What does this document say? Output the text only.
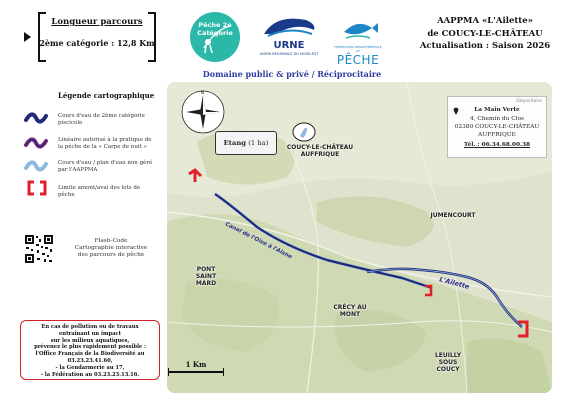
Longueur parcours
2ème catégorie : 12,8 Km
Pêche 2e Catégorie
URNE
UNION RÉGIONALE DU NORD-EST
FÉDÉRATION DÉPARTEMENTALE 02
PÊCHE
Domaine public & privé / Réciprocitaire
AAPPMA «L'Ailette»
de COUCY-LE-CHÂTEAU
Actualisation : Saison 2026
Légende cartographique
Cours d'eau de 2ème catégorie piscicole
Linéaire autorisé à la pratique de la pêche de la « Carpe de nuit »
Cours d'eau / plan d'eau non géré par l'AAPPMA
Limite amont/aval des lots de pêche
Flash-Code
Cartographie interactive
des parcours de pêche
En cas de pollution ou de travaux
entraînant un impact
sur les milieux aquatiques,
prévenez le plus rapidement possible :
l'Office Français de la Biodiversité au 03.23.23.41.60,
- la Gendarmerie au 17,
- la Fédération au 03.23.23.13.16.
N
Canal de l'Oise à l'Aisne
L'Ailette
Etang (1 ha)
COUCY-LE-CHÂTEAU AUFFRIQUE
JUMENCOURT
PONT SAINT MARD
CRÉCY AU MONT
LEUILLY SOUS COUCY
Dépositaire
La Main Verte
4, Chemin du Clos
02380 COUCY-LE-CHÂTEAU
AUFFRIQUE
Tél. : 06.34.68.00.38
1 Km
